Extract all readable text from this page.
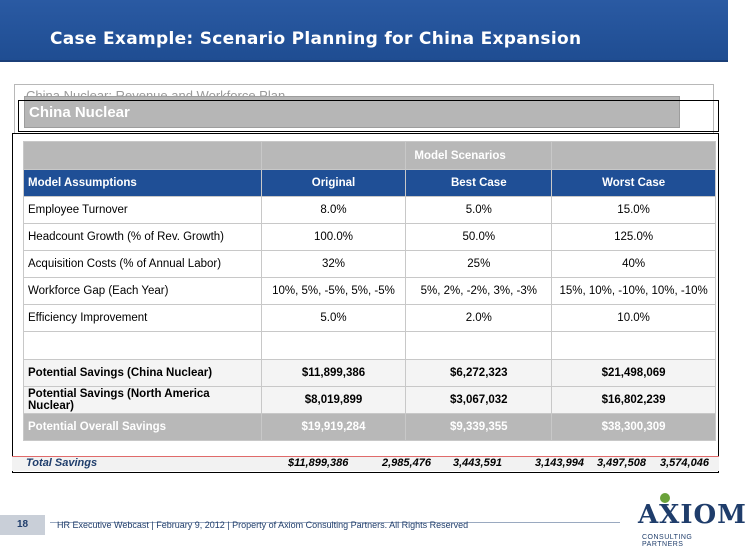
Case Example: Scenario Planning for China Expansion
China Nuclear
		Model Scenarios	
Model Assumptions	Original	Best Case	Worst Case
Employee Turnover	8.0%	5.0%	15.0%
Headcount Growth (% of Rev. Growth)	100.0%	50.0%	125.0%
Acquisition Costs (% of Annual Labor)	32%	25%	40%
Workforce Gap (Each Year)	10%, 5%, -5%, 5%, -5%	5%, 2%, -2%, 3%, -3%	15%, 10%, -10%, 10%, -10%
Efficiency Improvement	5.0%	2.0%	10.0%

Potential Savings (China Nuclear)	$11,899,386	$6,272,323	$21,498,069
Potential Savings (North America Nuclear)	$8,019,899	$3,067,032	$16,802,239
Potential Overall Savings	$19,919,284	$9,339,355	$38,300,309
Total Savings	$11,899,386	2,985,476 3,443,591	3,143,994 3,497,508 3,574,046
18	HR Executive Webcast | February 9, 2012 | Property of Axiom Consulting Partners. All Rights Reserved	AXIOM
CONSULTING PARTNERS
